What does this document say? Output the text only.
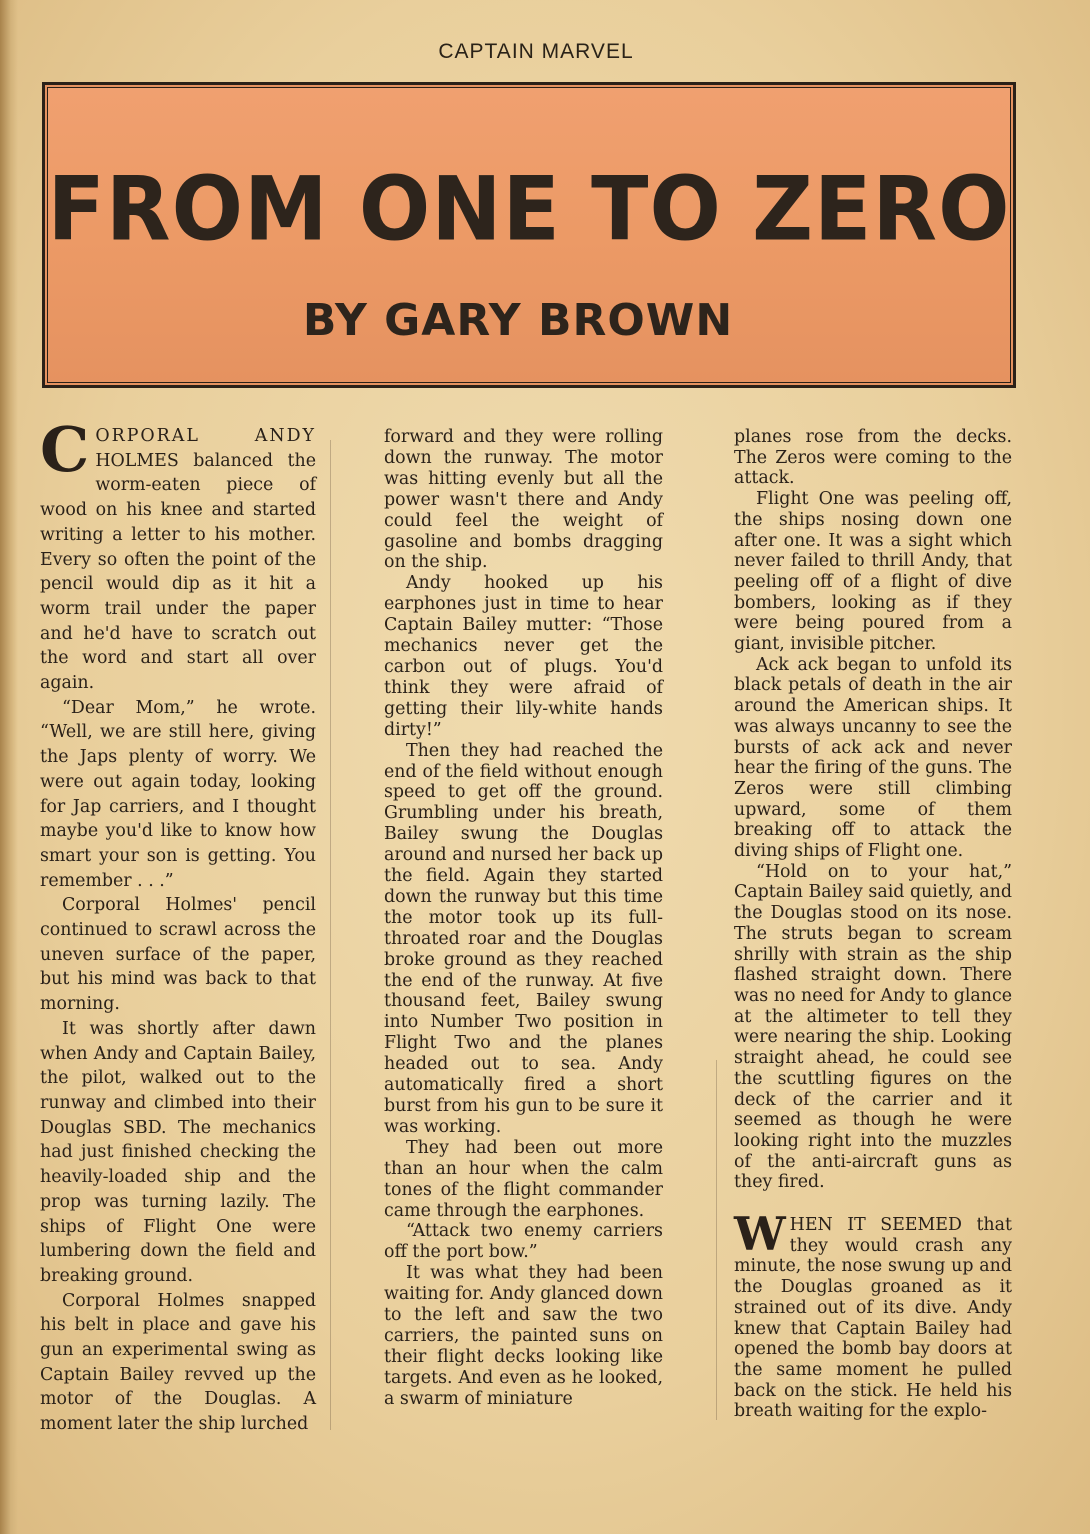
CAPTAIN MARVEL
FROM ONE TO ZERO
BY GARY BROWN

CORPORAL ANDY HOLMES balanced the worm-eaten piece of wood on his knee and started writing a letter to his mother. Every so often the point of the pencil would dip as it hit a worm trail under the paper and he'd have to scratch out the word and start all over again.

“Dear Mom,” he wrote. “Well, we are still here, giving the Japs plenty of worry. We were out again today, looking for Jap carriers, and I thought maybe you'd like to know how smart your son is getting. You remember . . .”

Corporal Holmes' pencil continued to scrawl across the uneven surface of the paper, but his mind was back to that morning.

It was shortly after dawn when Andy and Captain Bailey, the pilot, walked out to the runway and climbed into their Douglas SBD. The mechanics had just finished checking the heavily-loaded ship and the prop was turning lazily. The ships of Flight One were lumbering down the field and breaking ground.

Corporal Holmes snapped his belt in place and gave his gun an experimental swing as Captain Bailey revved up the motor of the Douglas. A moment later the ship lurched

forward and they were rolling down the runway. The motor was hitting evenly but all the power wasn't there and Andy could feel the weight of gasoline and bombs dragging on the ship.

Andy hooked up his earphones just in time to hear Captain Bailey mutter: “Those mechanics never get the carbon out of plugs. You'd think they were afraid of getting their lily-white hands dirty!”

Then they had reached the end of the field without enough speed to get off the ground. Grumbling under his breath, Bailey swung the Douglas around and nursed her back up the field. Again they started down the runway but this time the motor took up its full-throated roar and the Douglas broke ground as they reached the end of the runway. At five thousand feet, Bailey swung into Number Two position in Flight Two and the planes headed out to sea. Andy automatically fired a short burst from his gun to be sure it was working.

They had been out more than an hour when the calm tones of the flight commander came through the earphones.

“Attack two enemy carriers off the port bow.”

It was what they had been waiting for. Andy glanced down to the left and saw the two carriers, the painted suns on their flight decks looking like targets. And even as he looked, a swarm of miniature

planes rose from the decks. The Zeros were coming to the attack.

Flight One was peeling off, the ships nosing down one after one. It was a sight which never failed to thrill Andy, that peeling off of a flight of dive bombers, looking as if they were being poured from a giant, invisible pitcher.

Ack ack began to unfold its black petals of death in the air around the American ships. It was always uncanny to see the bursts of ack ack and never hear the firing of the guns. The Zeros were still climbing upward, some of them breaking off to attack the diving ships of Flight one.

“Hold on to your hat,” Captain Bailey said quietly, and the Douglas stood on its nose. The struts began to scream shrilly with strain as the ship flashed straight down. There was no need for Andy to glance at the altimeter to tell they were nearing the ship. Looking straight ahead, he could see the scuttling figures on the deck of the carrier and it seemed as though he were looking right into the muzzles of the anti-aircraft guns as they fired.

WHEN IT SEEMED that they would crash any minute, the nose swung up and the Douglas groaned as it strained out of its dive. Andy knew that Captain Bailey had opened the bomb bay doors at the same moment he pulled back on the stick. He held his breath waiting for the explo-
